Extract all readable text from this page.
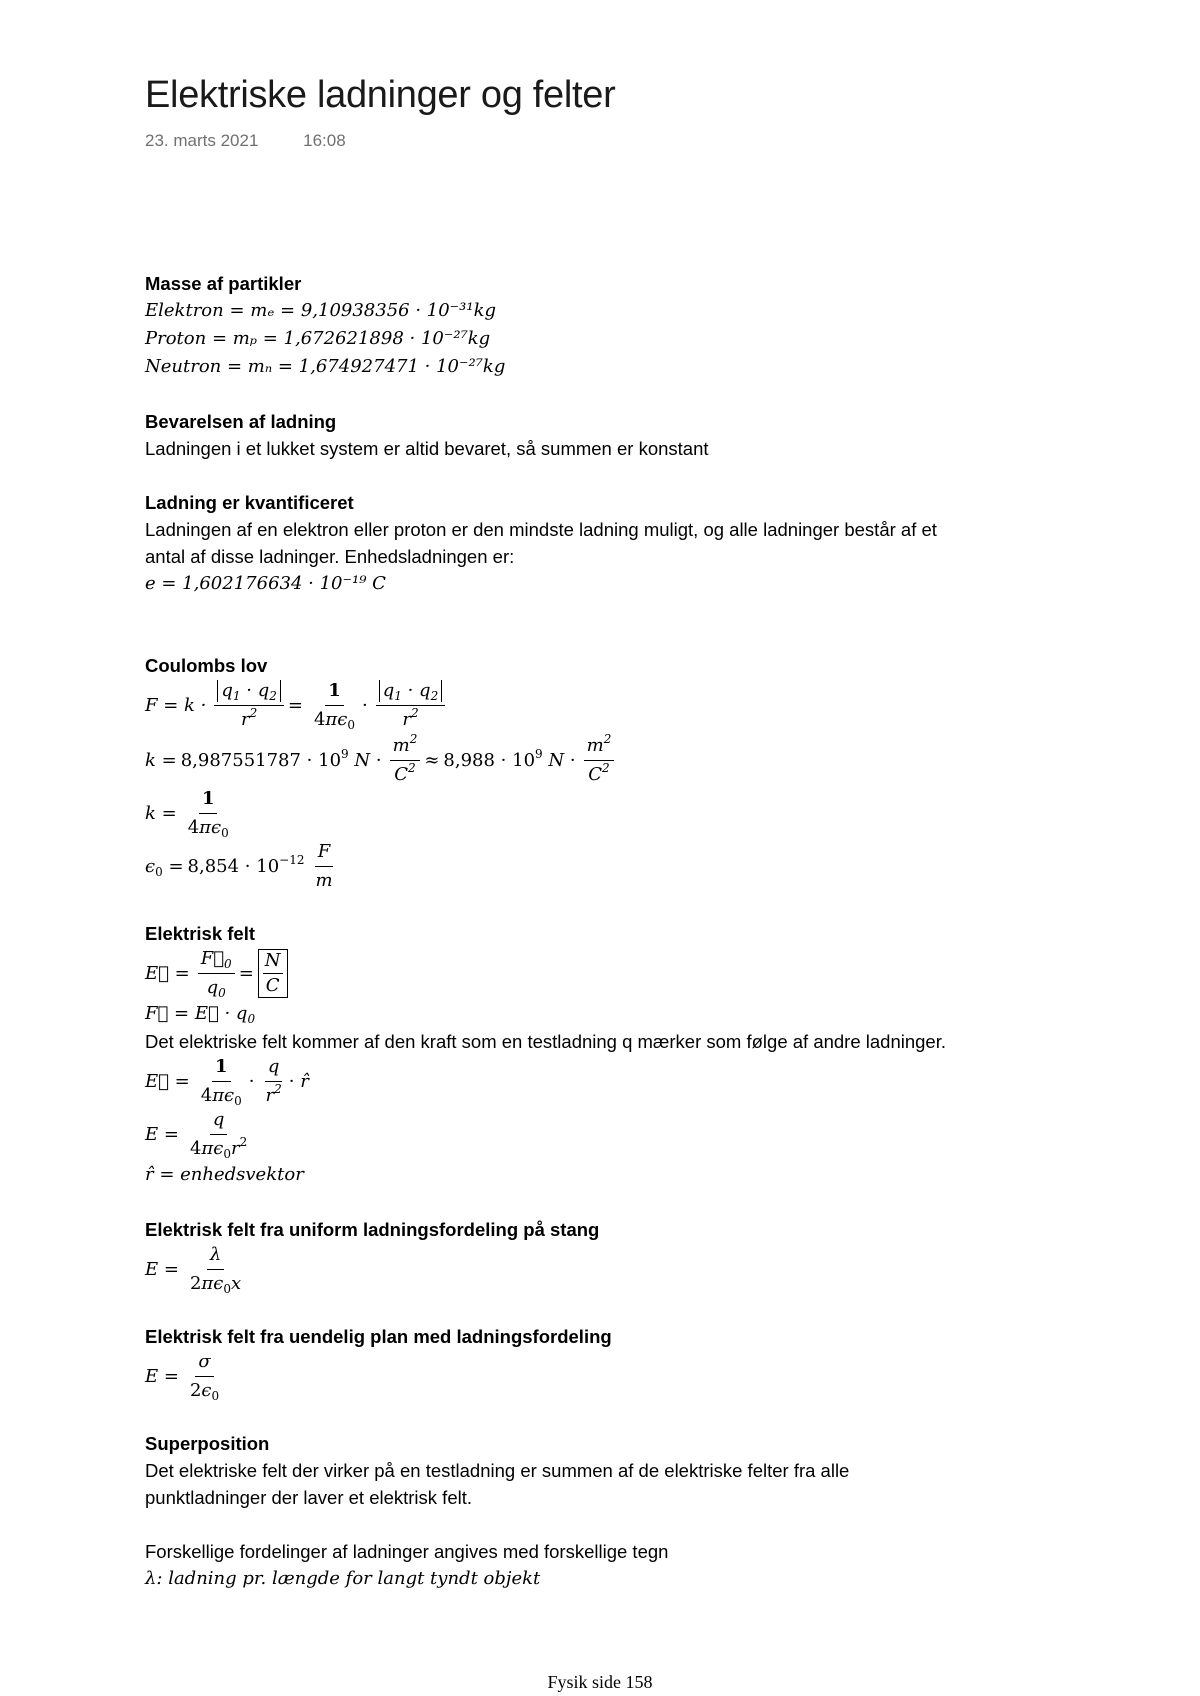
Elektriske ladninger og felter
23. marts 2021	16:08
Masse af partikler
Elektron = mₑ = 9,10938356 · 10⁻³¹kg
Proton = mₚ = 1,672621898 · 10⁻²⁷kg
Neutron = mₙ = 1,674927471 · 10⁻²⁷kg
Bevarelsen af ladning
Ladningen i et lukket system er altid bevaret, så summen er konstant
Ladning er kvantificeret
Ladningen af en elektron eller proton er den mindste ladning muligt, og alle ladninger består af et
antal af disse ladninger. Enhedsladningen er:
e = 1,602176634 · 10⁻¹⁹ C
Coulombs lov
$F = k \cdot \frac{q_1 \cdot q_2}{r^2} = \frac{1}{4\pi\epsilon_0} \cdot \frac{q_1 \cdot q_2}{r^2}$
$k = 8,987551787 \cdot 10^9$ $N \cdot \frac{m^2}{C^2} \approx 8,988 \cdot 10^9$ $N \cdot \frac{m^2}{C^2}$
$k = \frac{1}{4\pi\epsilon_0}$
$\epsilon_0 = 8,854 \cdot 10^{-12} \frac{F}{m}$
Elektrisk felt
E⃗ = $\frac{F⃗_0}{q_0} = \frac{N}{C}$
F⃗ = E⃗ · $q_0$
Det elektriske felt kommer af den kraft som en testladning q mærker som følge af andre ladninger.
E⃗ = $\frac{1}{4\pi\epsilon_0} \cdot \frac{q}{r^2}$ · r̂
$E = \frac{q}{4\pi\epsilon_0r^2}$
r̂ = enhedsvektor
Elektrisk felt fra uniform ladningsfordeling på stang
$E = \frac{\lambda}{2\pi\epsilon_0x}$
Elektrisk felt fra uendelig plan med ladningsfordeling
$E = \frac{\sigma}{2\epsilon_0}$
Superposition
Det elektriske felt der virker på en testladning er summen af de elektriske felter fra alle
punktladninger der laver et elektrisk felt.
Forskellige fordelinger af ladninger angives med forskellige tegn
λ: ladning pr. længde for langt tyndt objekt
Fysik side 158
